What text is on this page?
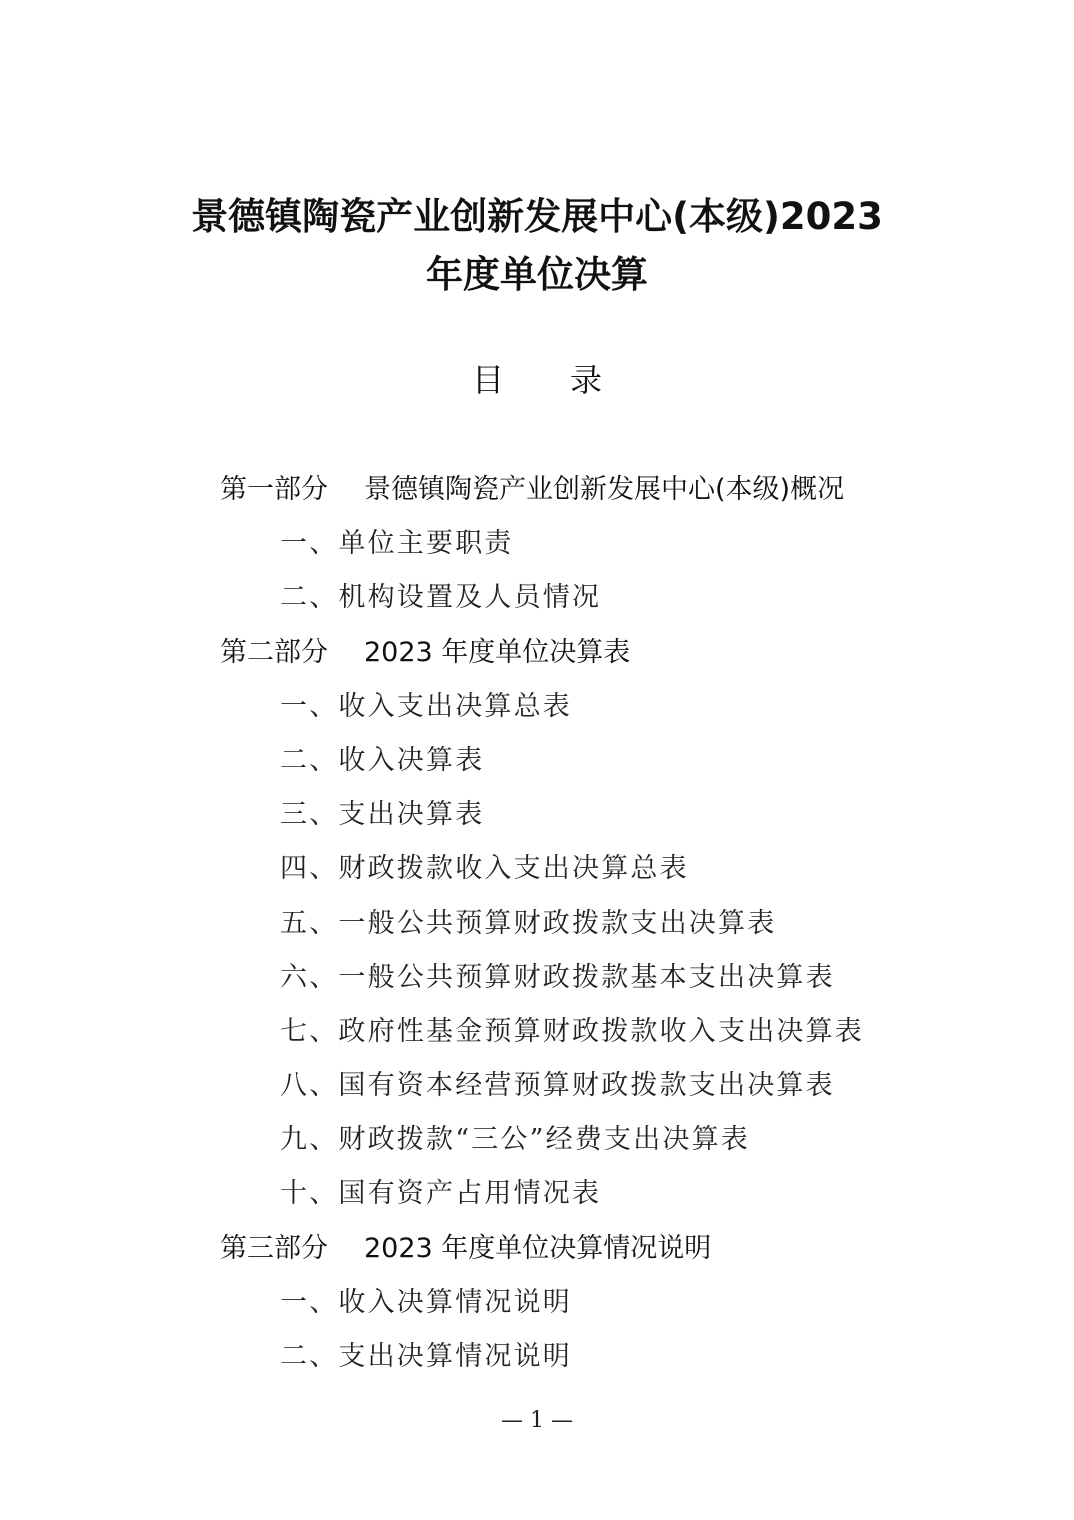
景德镇陶瓷产业创新发展中心(本级)2023
年度单位决算
目 录
第一部分 景德镇陶瓷产业创新发展中心(本级)概况
一、单位主要职责
二、机构设置及人员情况
第二部分 2023 年度单位决算表
一、收入支出决算总表
二、收入决算表
三、支出决算表
四、财政拨款收入支出决算总表
五、一般公共预算财政拨款支出决算表
六、一般公共预算财政拨款基本支出决算表
七、政府性基金预算财政拨款收入支出决算表
八、国有资本经营预算财政拨款支出决算表
九、财政拨款“三公”经费支出决算表
十、国有资产占用情况表
第三部分 2023 年度单位决算情况说明
一、收入决算情况说明
二、支出决算情况说明
— 1 —
